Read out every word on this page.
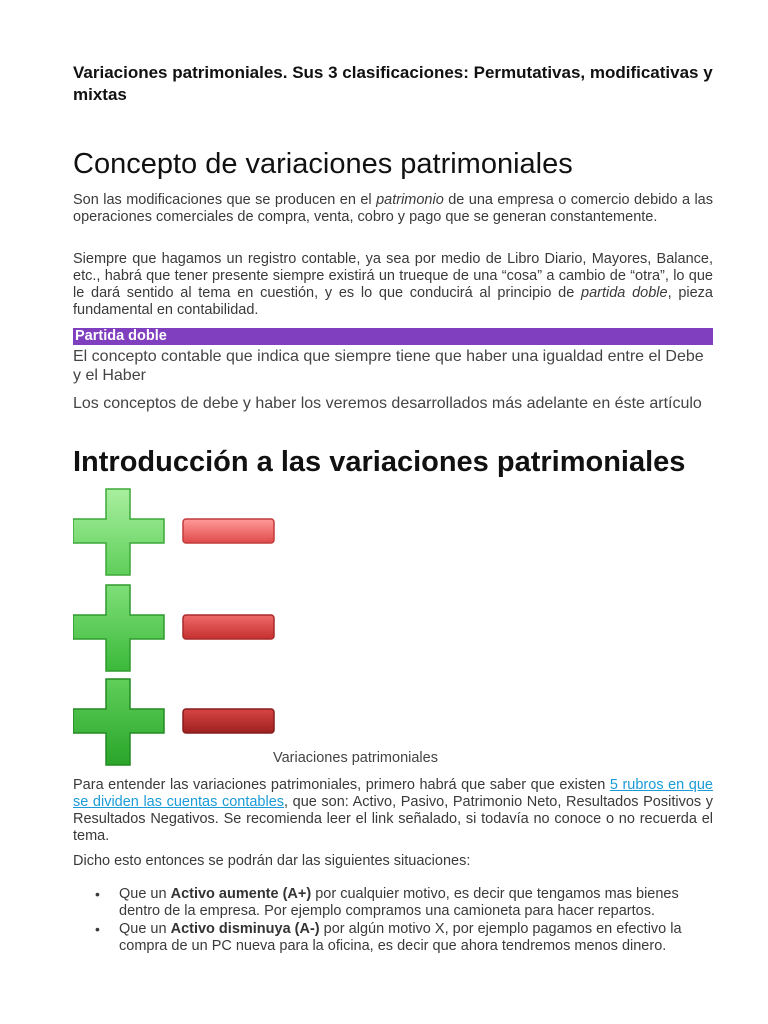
Variaciones patrimoniales. Sus 3 clasificaciones: Permutativas, modificativas y mixtas
Concepto de variaciones patrimoniales

Son las modificaciones que se producen en el patrimonio de una empresa o comercio debido a las operaciones comerciales de compra, venta, cobro y pago que se generan constantemente.

Siempre que hagamos un registro contable, ya sea por medio de Libro Diario, Mayores, Balance, etc., habrá que tener presente siempre existirá un trueque de una “cosa” a cambio de “otra”, lo que le dará sentido al tema en cuestión, y es lo que conducirá al principio de partida doble, pieza fundamental en contabilidad.

Partida doble
El concepto contable que indica que siempre tiene que haber una igualdad entre el Debe y el Haber
Los conceptos de debe y haber los veremos desarrollados más adelante en éste artículo
Introducción a las variaciones patrimoniales
Variaciones patrimoniales

Para entender las variaciones patrimoniales, primero habrá que saber que existen 5 rubros en que se dividen las cuentas contables, que son: Activo, Pasivo, Patrimonio Neto, Resultados Positivos y Resultados Negativos. Se recomienda leer el link señalado, si todavía no conoce o no recuerda el tema.

Dicho esto entonces se podrán dar las siguientes situaciones:

• Que un Activo aumente (A+) por cualquier motivo, es decir que tengamos mas bienes dentro de la empresa. Por ejemplo compramos una camioneta para hacer repartos.
• Que un Activo disminuya (A-) por algún motivo X, por ejemplo pagamos en efectivo la compra de un PC nueva para la oficina, es decir que ahora tendremos menos dinero.
